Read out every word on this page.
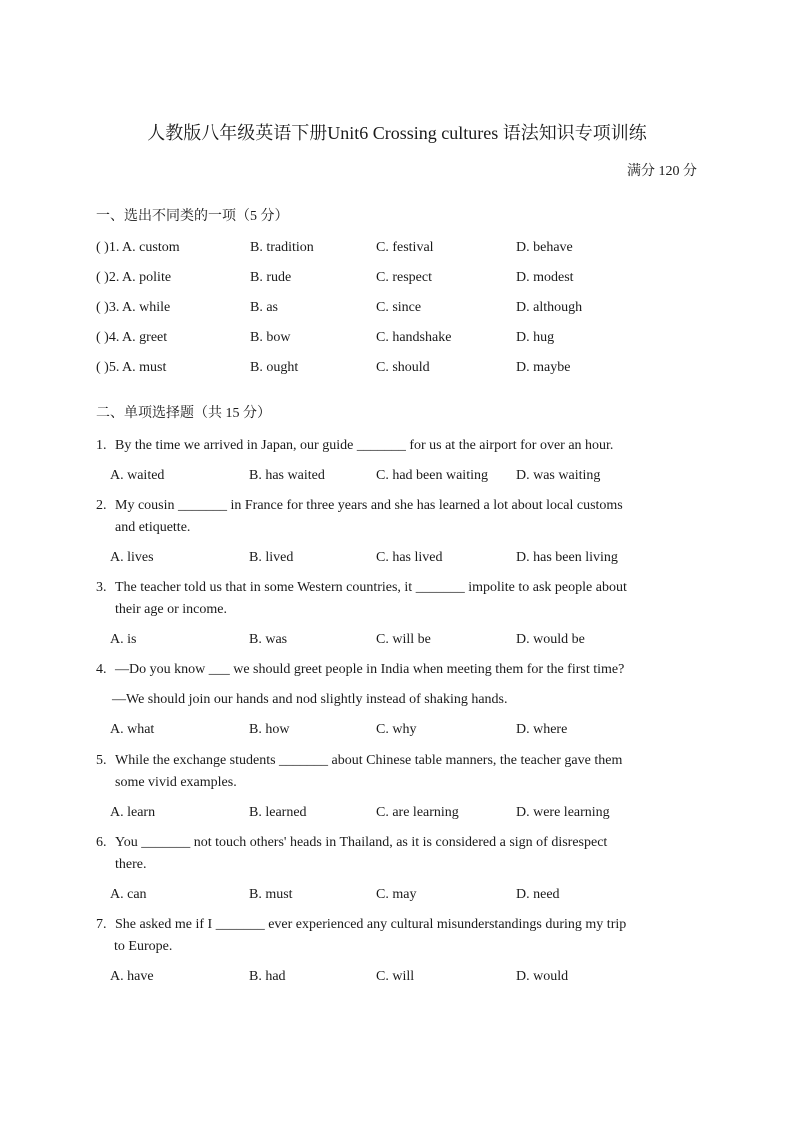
人教版八年级英语下册Unit6 Crossing cultures 语法知识专项训练
满分 120 分
一、选出不同类的一项（5 分）
( )1. A. custom	B. tradition	C. festival	D. behave
( )2. A. polite	B. rude	C. respect	D. modest
( )3. A. while	B. as	C. since	D. although
( )4. A. greet	B. bow	C. handshake	D. hug
( )5. A. must	B. ought	C. should	D. maybe
二、单项选择题（共 15 分）
1. By the time we arrived in Japan, our guide _______ for us at the airport for over an hour.
A. waited	B. has waited	C. had been waiting D. was waiting
2. My cousin _______ in France for three years and she has learned a lot about local customs
and etiquette.
A. lives	B. lived	C. has lived	D. has been living
3. The teacher told us that in some Western countries, it _______ impolite to ask people about
their age or income.
A. is	B. was	C. will be	D. would be
4. —Do you know ___ we should greet people in India when meeting them for the first time?
—We should join our hands and nod slightly instead of shaking hands.
A. what	B. how	C. why	D. where
5. While the exchange students _______ about Chinese table manners, the teacher gave them
some vivid examples.
A. learn	B. learned	C. are learning	D. were learning
6. You _______ not touch others' heads in Thailand, as it is considered a sign of disrespect
there.
A. can	B. must	C. may	D. need
7. She asked me if I _______ ever experienced any cultural misunderstandings during my trip
to Europe.
A. have	B. had	C. will	D. would
